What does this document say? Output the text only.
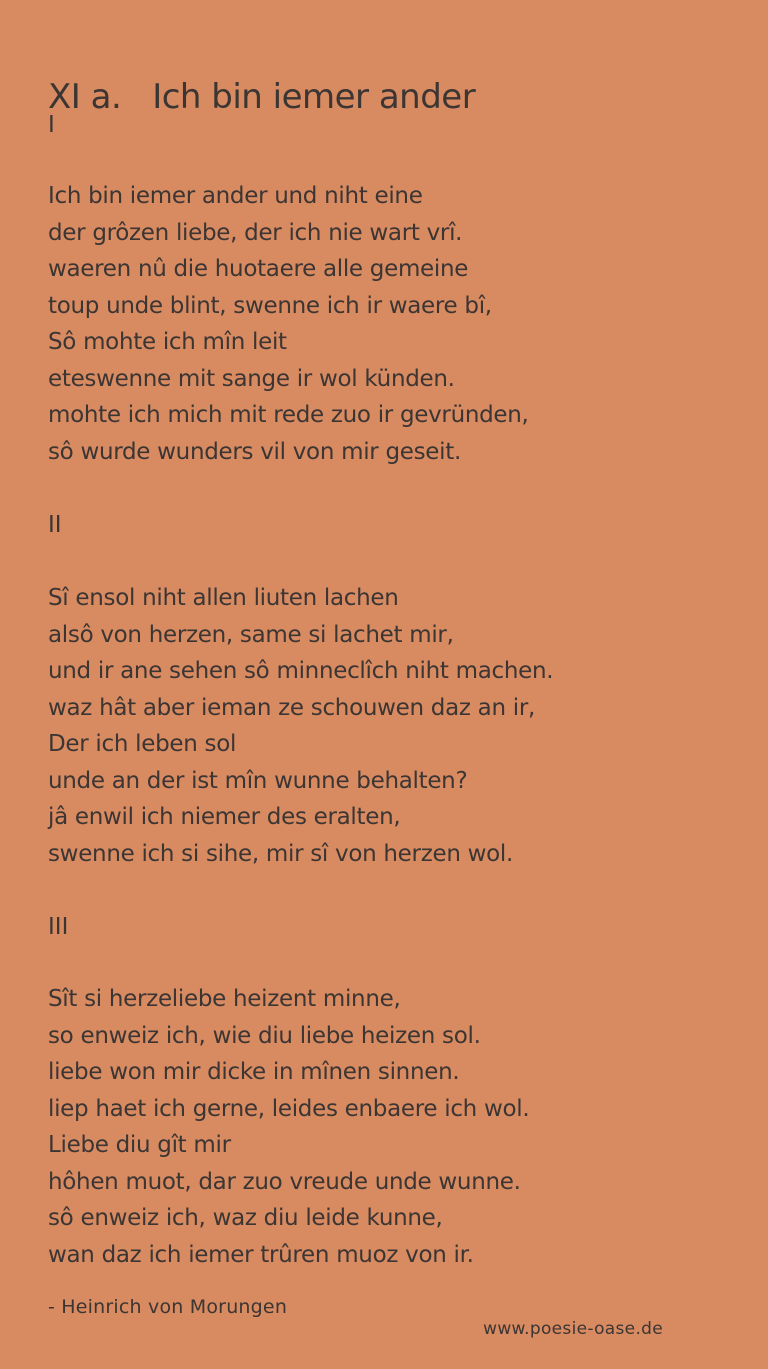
XI a.   Ich bin iemer ander
I
Ich bin iemer ander und niht eine
der grôzen liebe, der ich nie wart vrî.
waeren nû die huotaere alle gemeine
toup unde blint, swenne ich ir waere bî,
Sô mohte ich mîn leit
eteswenne mit sange ir wol künden.
mohte ich mich mit rede zuo ir gevründen,
sô wurde wunders vil von mir geseit.
II
Sî ensol niht allen liuten lachen
alsô von herzen, same si lachet mir,
und ir ane sehen sô minneclîch niht machen.
waz hât aber ieman ze schouwen daz an ir,
Der ich leben sol
unde an der ist mîn wunne behalten?
jâ enwil ich niemer des eralten,
swenne ich si sihe, mir sî von herzen wol.
III
Sît si herzeliebe heizent minne,
so enweiz ich, wie diu liebe heizen sol.
liebe won mir dicke in mînen sinnen.
liep haet ich gerne, leides enbaere ich wol.
Liebe diu gît mir
hôhen muot, dar zuo vreude unde wunne.
sô enweiz ich, waz diu leide kunne,
wan daz ich iemer trûren muoz von ir.
- Heinrich von Morungen
www.poesie-oase.de
